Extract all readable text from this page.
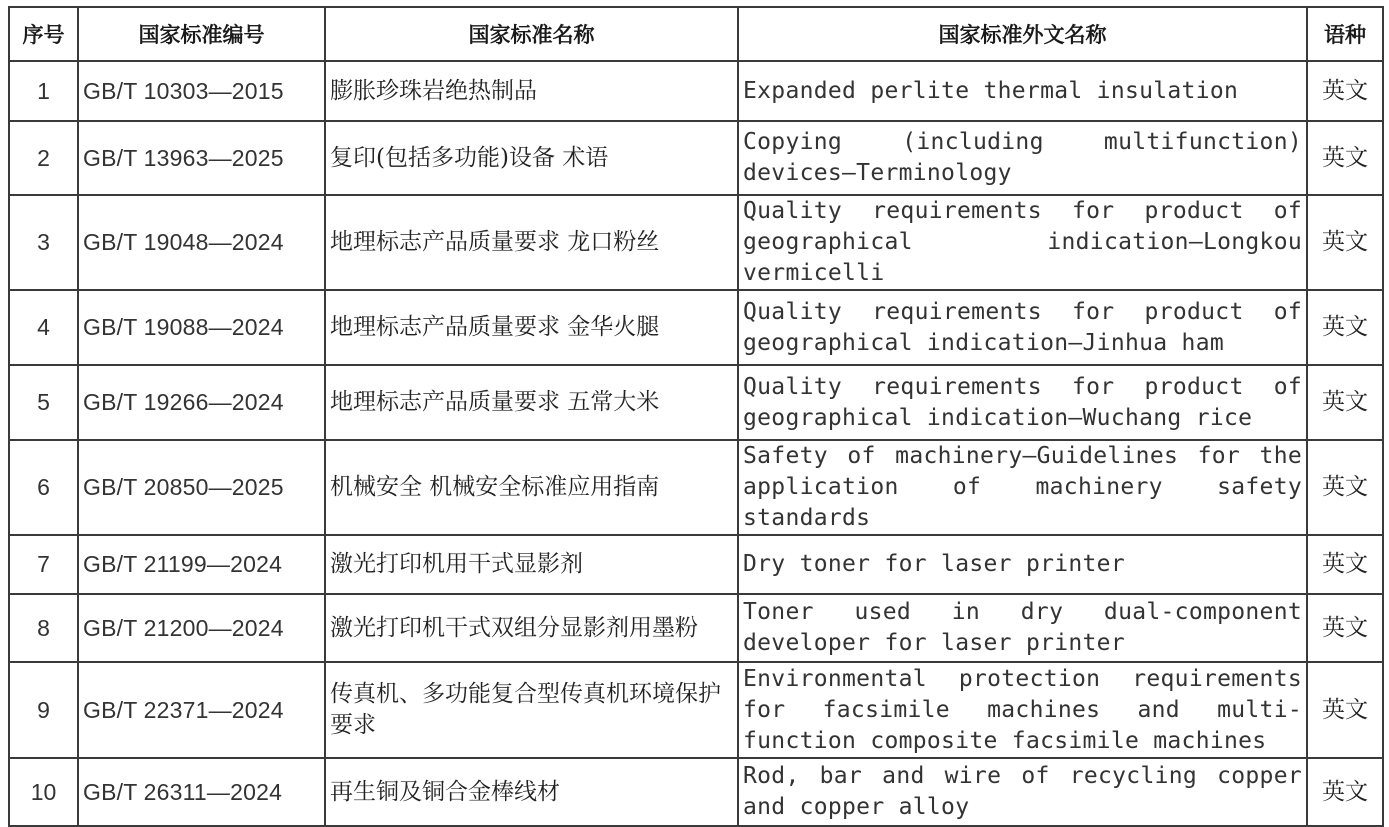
序号	国家标准编号	国家标准名称	国家标准外文名称	语种
1	GB/T 10303—2015	膨胀珍珠岩绝热制品	Expanded perlite thermal insulation	英文
2	GB/T 13963—2025	复印(包括多功能)设备 术语	Copying (including multifunction) devices—Terminology	英文
3	GB/T 19048—2024	地理标志产品质量要求 龙口粉丝	Quality requirements for product of geographical indication—Longkou vermicelli	英文
4	GB/T 19088—2024	地理标志产品质量要求 金华火腿	Quality requirements for product of geographical indication—Jinhua ham	英文
5	GB/T 19266—2024	地理标志产品质量要求 五常大米	Quality requirements for product of geographical indication—Wuchang rice	英文
6	GB/T 20850—2025	机械安全 机械安全标准应用指南	Safety of machinery—Guidelines for the application of machinery safety standards	英文
7	GB/T 21199—2024	激光打印机用干式显影剂	Dry toner for laser printer	英文
8	GB/T 21200—2024	激光打印机干式双组分显影剂用墨粉	Toner used in dry dual-component developer for laser printer	英文
9	GB/T 22371—2024	传真机、多功能复合型传真机环境保护要求	Environmental protection requirements for facsimile machines and multi-function composite facsimile machines	英文
10	GB/T 26311—2024	再生铜及铜合金棒线材	Rod, bar and wire of recycling copper and copper alloy	英文
